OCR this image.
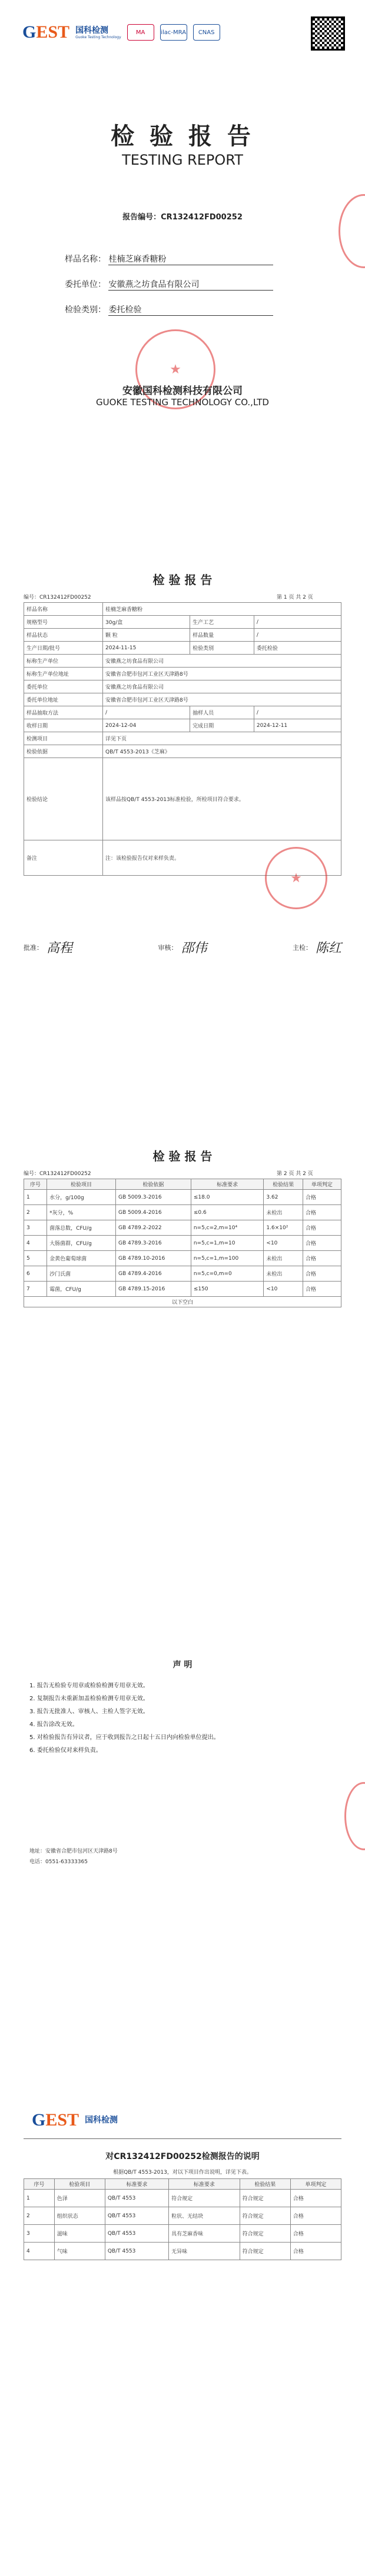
GEST 国科检测
Guoke Testing Technology
MA	ilac-MRA	CNAS
检 验 报 告
TESTING REPORT
报告编号：CR132412FD00252
样品名称： 桂楠芝麻香糖粉
委托单位： 安徽燕之坊食品有限公司
检验类别： 委托检验
★
安徽国科检测科技有限公司
GUOKE TESTING TECHNOLOGY CO.,LTD
检 验 报 告
编号：CR132412FD00252	第 1 页 共 2 页
样品名称	桂楠芝麻香糖粉		
规格型号	30g/盒	生产工艺	/
样品状态	颗 粒	样品数量	/
生产日期/批号	2024-11-15	检验类别	委托检验
标称生产单位	安徽燕之坊食品有限公司		
标称生产单位地址	安徽省合肥市包河工业区天津路8号		
委托单位	安徽燕之坊食品有限公司		
委托单位地址	安徽省合肥市包河工业区天津路8号		
样品抽取方法	/	抽样人员	/
收样日期	2024-12-04	完成日期	2024-12-11
检测项目	详见下页		
检验依据	QB/T 4553-2013《芝麻》		
检验结论	该样品按QB/T 4553-2013标准检验，所检项目符合要求。		
备注	注：该检验报告仅对来样负责。		
★
批准： 高程	审核： 邵伟	主检： 陈红
检 验 报 告
编号：CR132412FD00252	第 2 页 共 2 页
序号	检验项目	检验依据	标准要求	检验结果	单项判定
1	水分，g/100g	GB 5009.3-2016	≤18.0	3.62	合格
2	*灰分，%	GB 5009.4-2016	≤0.6	未检出	合格
3	菌落总数，CFU/g	GB 4789.2-2022	n=5,c=2,m=10⁴	1.6×10²	合格
4	大肠菌群，CFU/g	GB 4789.3-2016	n=5,c=1,m=10	<10	合格
5	金黄色葡萄球菌	GB 4789.10-2016	n=5,c=1,m=100	未检出	合格
6	沙门氏菌	GB 4789.4-2016	n=5,c=0,m=0	未检出	合格
7	霉菌，CFU/g	GB 4789.15-2016	≤150	<10	合格
以下空白					
声 明
1. 报告无检验专用章或检验检测专用章无效。
2. 复制报告未重新加盖检验检测专用章无效。
3. 报告无批准人、审核人、主检人签字无效。
4. 报告涂改无效。
5. 对检验报告有异议者，应于收到报告之日起十五日内向检验单位提出。
6. 委托检验仅对来样负责。
地址：安徽省合肥市包河区天津路8号
电话：0551-63333365
GEST 国科检测
对CR132412FD00252检测报告的说明
根据QB/T 4553-2013，对以下项目作出说明，详见下表。
序号	检验项目	标准要求	标准要求	检验结果	单项判定
1	色泽	QB/T 4553	符合规定	符合规定	合格
2	组织状态	QB/T 4553	粒状、无结块	符合规定	合格
3	滋味	QB/T 4553	具有芝麻香味	符合规定	合格
4	气味	QB/T 4553	无异味	符合规定	合格
